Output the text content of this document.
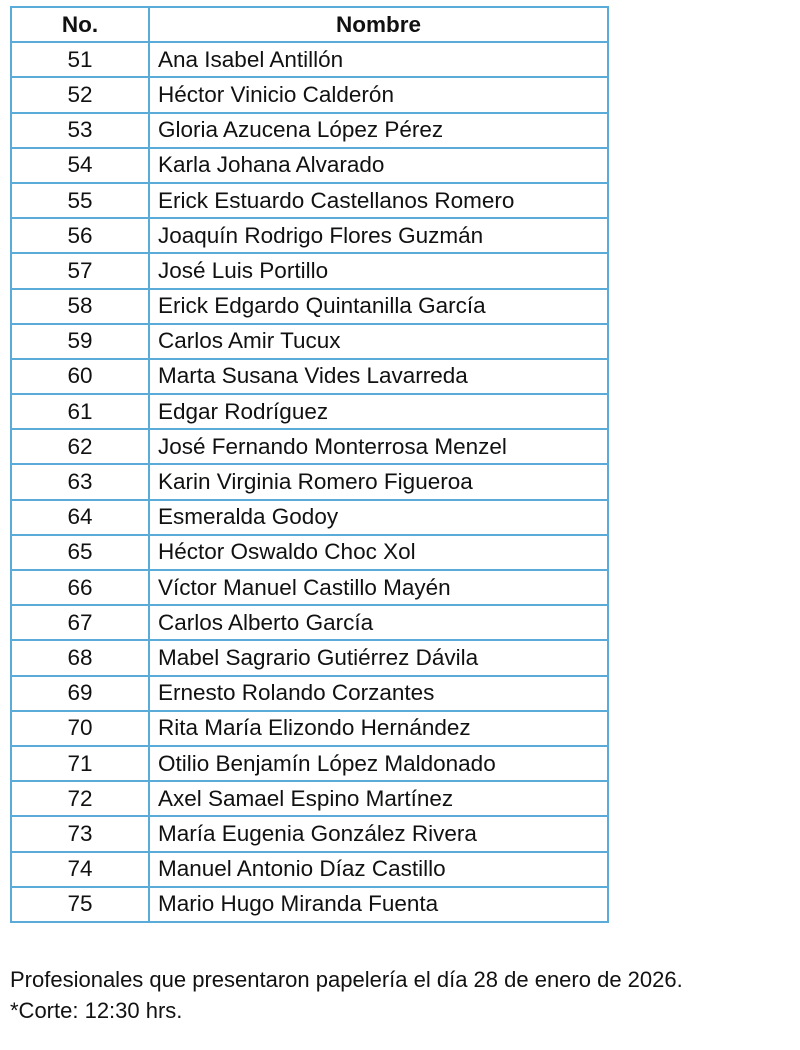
No.	Nombre
51	Ana Isabel Antillón
52	Héctor Vinicio Calderón
53	Gloria Azucena López Pérez
54	Karla Johana Alvarado
55	Erick Estuardo Castellanos Romero
56	Joaquín Rodrigo Flores Guzmán
57	José Luis Portillo
58	Erick Edgardo Quintanilla García
59	Carlos Amir Tucux
60	Marta Susana Vides Lavarreda
61	Edgar Rodríguez
62	José Fernando Monterrosa Menzel
63	Karin Virginia Romero Figueroa
64	Esmeralda Godoy
65	Héctor Oswaldo Choc Xol
66	Víctor Manuel Castillo Mayén
67	Carlos Alberto García
68	Mabel Sagrario Gutiérrez Dávila
69	Ernesto Rolando Corzantes
70	Rita María Elizondo Hernández
71	Otilio Benjamín López Maldonado
72	Axel Samael Espino Martínez
73	María Eugenia González Rivera
74	Manuel Antonio Díaz Castillo
75	Mario Hugo Miranda Fuenta
Profesionales que presentaron papelería el día 28 de enero de 2026.
*Corte: 12:30 hrs.
